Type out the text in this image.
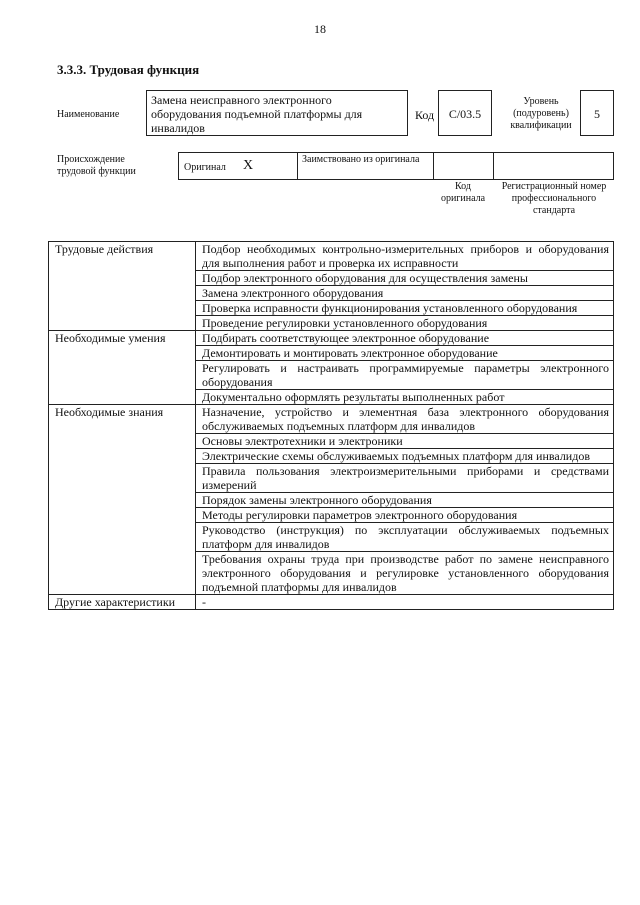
18
3.3.3. Трудовая функция
Наименование
Замена неисправного электронного оборудования подъемной платформы для инвалидов
Код	C/03.5
Уровень (подуровень) квалификации
5
Происхождение трудовой функции	Оригинал X	Заимствовано из оригинала
Код оригинала
Регистрационный номер профессионального стандарта
Трудовые действия	Подбор необходимых контрольно-измерительных приборов и оборудования для выполнения работ и проверка их исправности
	Подбор электронного оборудования для осуществления замены
	Замена электронного оборудования
	Проверка исправности функционирования установленного оборудования
	Проведение регулировки установленного оборудования
Необходимые умения	Подбирать соответствующее электронное оборудование
	Демонтировать и монтировать электронное оборудование
	Регулировать и настраивать программируемые параметры электронного оборудования
	Документально оформлять результаты выполненных работ
Необходимые знания	Назначение, устройство и элементная база электронного оборудования обслуживаемых подъемных платформ для инвалидов
	Основы электротехники и электроники
	Электрические схемы обслуживаемых подъемных платформ для инвалидов
	Правила пользования электроизмерительными приборами и средствами измерений
	Порядок замены электронного оборудования
	Методы регулировки параметров электронного оборудования
	Руководство (инструкция) по эксплуатации обслуживаемых подъемных платформ для инвалидов
	Требования охраны труда при производстве работ по замене неисправного электронного оборудования и регулировке установленного оборудования подъемной платформы для инвалидов
Другие характеристики	-
